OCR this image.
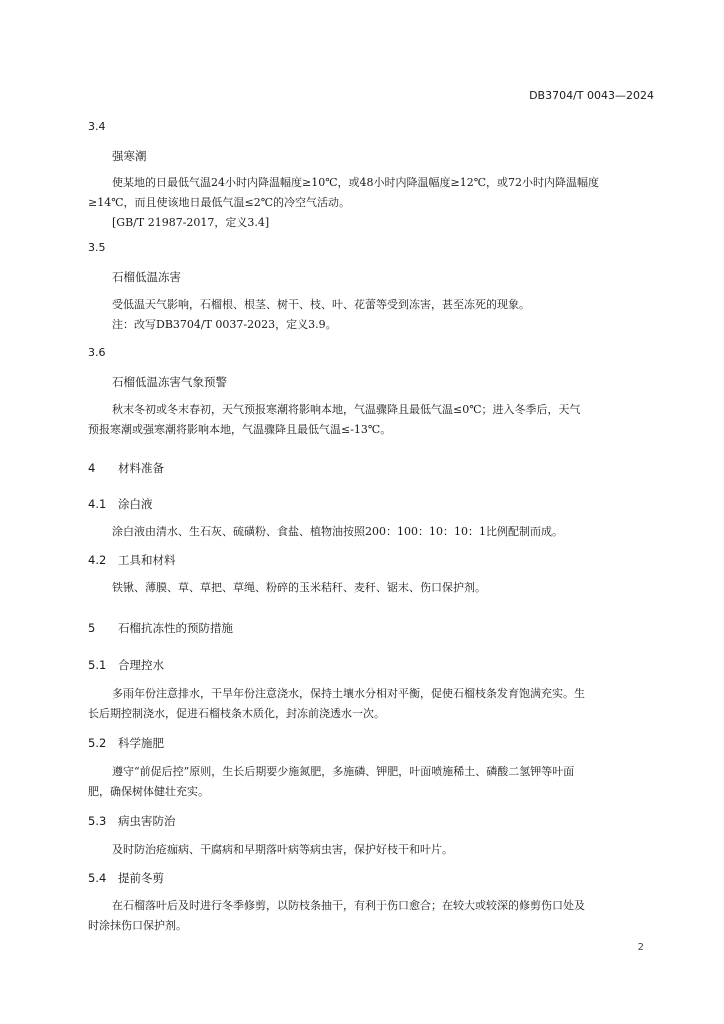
DB3704/T 0043—2024
3.4
强寒潮
使某地的日最低气温24小时内降温幅度≥10℃，或48小时内降温幅度≥12℃，或72小时内降温幅度
≥14℃，而且使该地日最低气温≤2℃的冷空气活动。
[GB/T 21987-2017，定义3.4]
3.5
石榴低温冻害
受低温天气影响，石榴根、根茎、树干、枝、叶、花蕾等受到冻害，甚至冻死的现象。
注：改写DB3704/T 0037-2023，定义3.9。
3.6
石榴低温冻害气象预警
秋末冬初或冬末春初，天气预报寒潮将影响本地，气温骤降且最低气温≤0℃；进入冬季后，天气
预报寒潮或强寒潮将影响本地，气温骤降且最低气温≤-13℃。
4 材料准备
4.1 涂白液
涂白液由清水、生石灰、硫磺粉、食盐、植物油按照200：100：10：10：1比例配制而成。
4.2 工具和材料
铁锹、薄膜、草、草把、草绳、粉碎的玉米秸秆、麦秆、锯末、伤口保护剂。
5 石榴抗冻性的预防措施
5.1 合理控水
多雨年份注意排水，干旱年份注意浇水，保持土壤水分相对平衡，促使石榴枝条发育饱满充实。生
长后期控制浇水，促进石榴枝条木质化，封冻前浇透水一次。
5.2 科学施肥
遵守“前促后控”原则，生长后期要少施氮肥，多施磷、钾肥，叶面喷施稀土、磷酸二氢钾等叶面
肥，确保树体健壮充实。
5.3 病虫害防治
及时防治疮痂病、干腐病和早期落叶病等病虫害，保护好枝干和叶片。
5.4 提前冬剪
在石榴落叶后及时进行冬季修剪，以防枝条抽干，有利于伤口愈合；在较大或较深的修剪伤口处及
时涂抹伤口保护剂。
2
